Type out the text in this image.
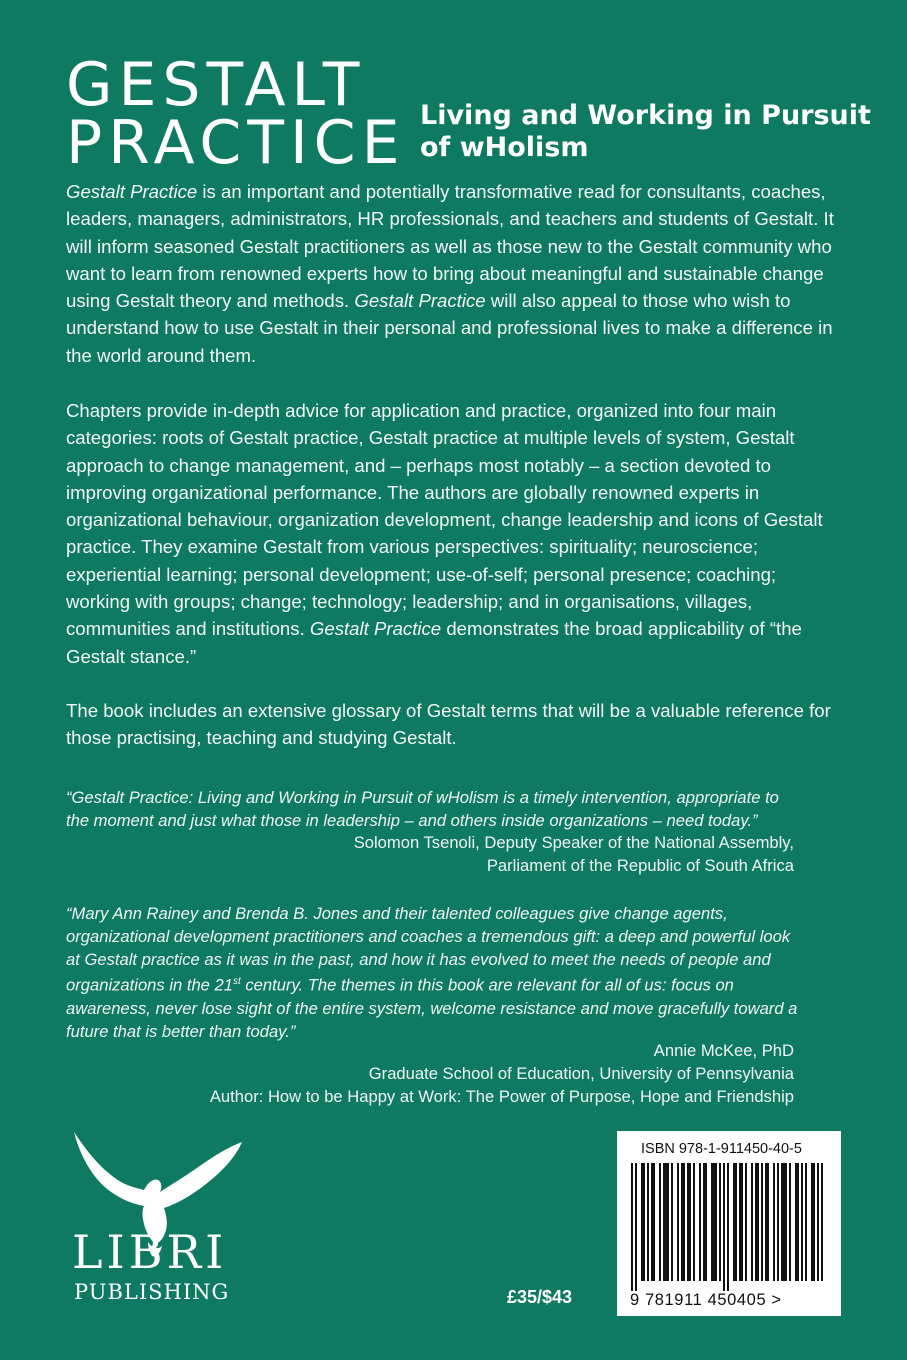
GESTALT
PRACTICE Living and Working in Pursuit of wHolism
Gestalt Practice is an important and potentially transformative read for consultants, coaches, leaders, managers, administrators, HR professionals, and teachers and students of Gestalt. It will inform seasoned Gestalt practitioners as well as those new to the Gestalt community who want to learn from renowned experts how to bring about meaningful and sustainable change using Gestalt theory and methods. Gestalt Practice will also appeal to those who wish to understand how to use Gestalt in their personal and professional lives to make a difference in the world around them.
Chapters provide in-depth advice for application and practice, organized into four main categories: roots of Gestalt practice, Gestalt practice at multiple levels of system, Gestalt approach to change management, and – perhaps most notably – a section devoted to improving organizational performance. The authors are globally renowned experts in organizational behaviour, organization development, change leadership and icons of Gestalt practice. They examine Gestalt from various perspectives: spirituality; neuroscience; experiential learning; personal development; use-of-self; personal presence; coaching; working with groups; change; technology; leadership; and in organisations, villages, communities and institutions. Gestalt Practice demonstrates the broad applicability of “the Gestalt stance.”
The book includes an extensive glossary of Gestalt terms that will be a valuable reference for those practising, teaching and studying Gestalt.
“Gestalt Practice: Living and Working in Pursuit of wHolism is a timely intervention, appropriate to the moment and just what those in leadership – and others inside organizations – need today.”
Solomon Tsenoli, Deputy Speaker of the National Assembly,
Parliament of the Republic of South Africa
“Mary Ann Rainey and Brenda B. Jones and their talented colleagues give change agents, organizational development practitioners and coaches a tremendous gift: a deep and powerful look at Gestalt practice as it was in the past, and how it has evolved to meet the needs of people and organizations in the 21st century. The themes in this book are relevant for all of us: focus on awareness, never lose sight of the entire system, welcome resistance and move gracefully toward a future that is better than today.”
Annie McKee, PhD
Graduate School of Education, University of Pennsylvania
Author: How to be Happy at Work: The Power of Purpose, Hope and Friendship
LIBRI
PUBLISHING	£35/$43
ISBN 978-1-911450-40-5
9 781911 450405 >
